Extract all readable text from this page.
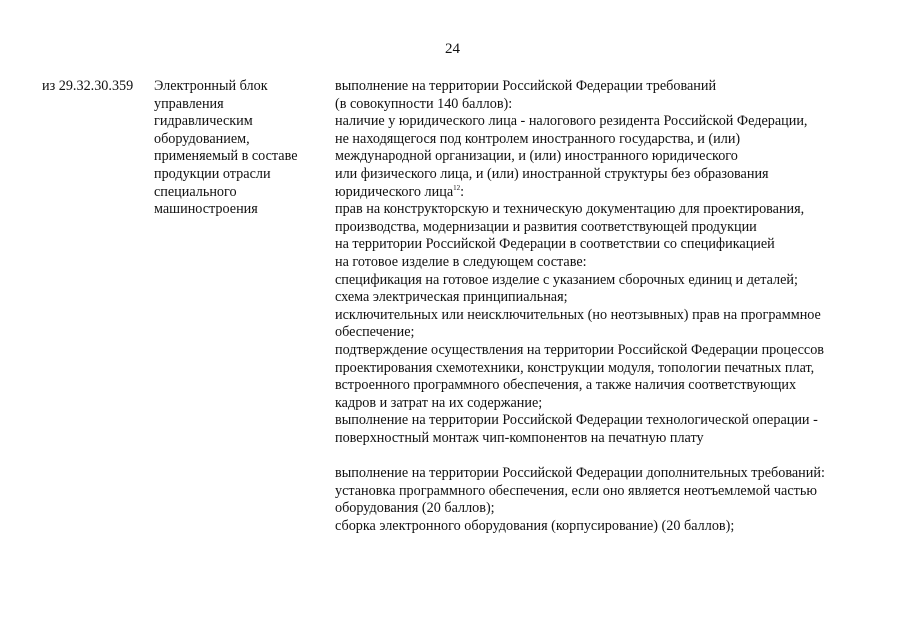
24
из 29.32.30.359	Электронный блок
управления
гидравлическим
оборудованием,
применяемый в составе
продукции отрасли
специального
машиностроения
выполнение на территории Российской Федерации требований
(в совокупности 140 баллов):
наличие у юридического лица - налогового резидента Российской Федерации,
не находящегося под контролем иностранного государства, и (или)
международной организации, и (или) иностранного юридического
или физического лица, и (или) иностранной структуры без образования
юридического лица$^{12}$:
прав на конструкторскую и техническую документацию для проектирования,
производства, модернизации и развития соответствующей продукции
на территории Российской Федерации в соответствии со спецификацией
на готовое изделие в следующем составе:
спецификация на готовое изделие с указанием сборочных единиц и деталей;
схема электрическая принципиальная;
исключительных или неисключительных (но неотзывных) прав на программное
обеспечение;
подтверждение осуществления на территории Российской Федерации процессов
проектирования схемотехники, конструкции модуля, топологии печатных плат,
встроенного программного обеспечения, а также наличия соответствующих
кадров и затрат на их содержание;
выполнение на территории Российской Федерации технологической операции -
поверхностный монтаж чип-компонентов на печатную плату
выполнение на территории Российской Федерации дополнительных требований:
установка программного обеспечения, если оно является неотъемлемой частью
оборудования (20 баллов);
сборка электронного оборудования (корпусирование) (20 баллов);
